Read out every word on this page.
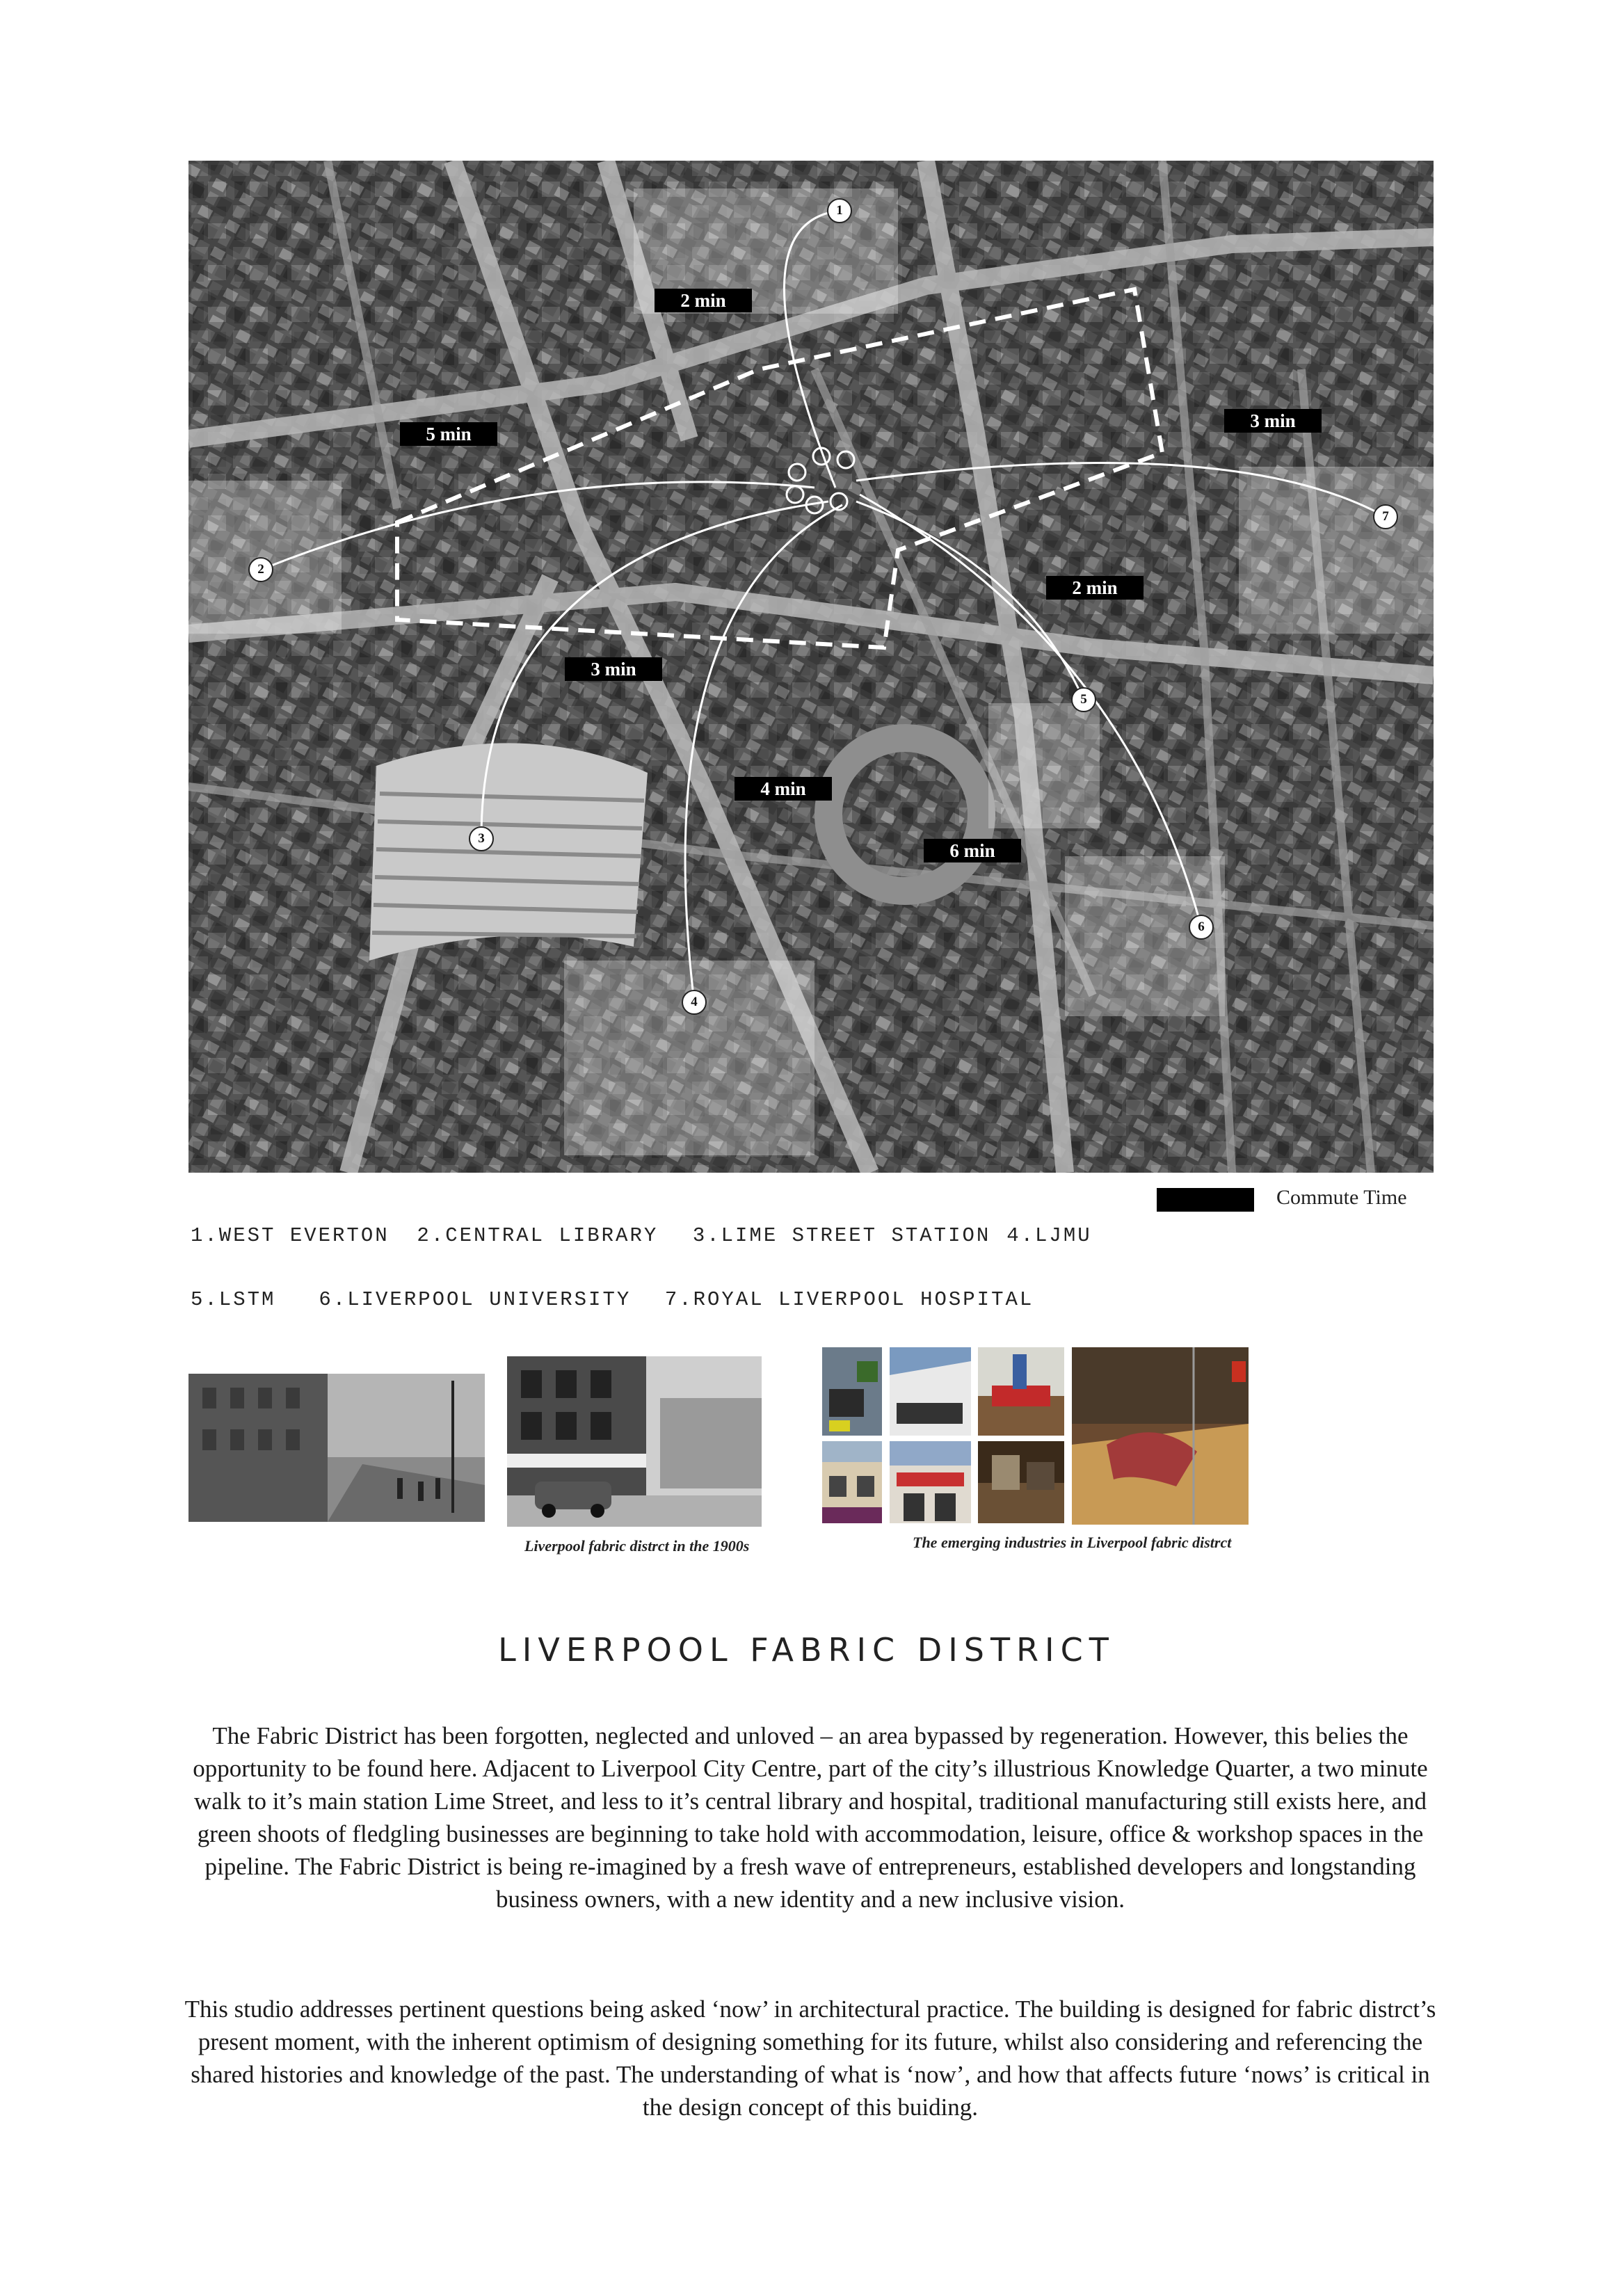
2 min
5 min
3 min
2 min
3 min
4 min
6 min
1
2
3
4
5
6
7
Commute Time
1.WEST EVERTON 2.CENTRAL LIBRARY 3.LIME STREET STATION 4.LJMU
5.LSTM 6.LIVERPOOL UNIVERSITY 7.ROYAL LIVERPOOL HOSPITAL
Liverpool fabric distrct in the 1900s	The emerging industries in Liverpool fabric distrct
LIVERPOOL FABRIC DISTRICT

The Fabric District has been forgotten, neglected and unloved – an area bypassed by regeneration. However, this belies the opportunity to be found here. Adjacent to Liverpool City Centre, part of the city’s illustrious Knowledge Quarter, a two minute walk to it’s main station Lime Street, and less to it’s central library and hospital, traditional manufacturing still exists here, and green shoots of fledgling businesses are beginning to take hold with accommodation, leisure, office & workshop spaces in the pipeline. The Fabric District is being re-imagined by a fresh wave of entrepreneurs, established developers and longstanding business owners, with a new identity and a new inclusive vision.

This studio addresses pertinent questions being asked ‘now’ in architectural practice. The building is designed for fabric distrct’s present moment, with the inherent optimism of designing something for its future, whilst also considering and referencing the shared histories and knowledge of the past. The understanding of what is ‘now’, and how that affects future ‘nows’ is critical in the design concept of this buiding.
